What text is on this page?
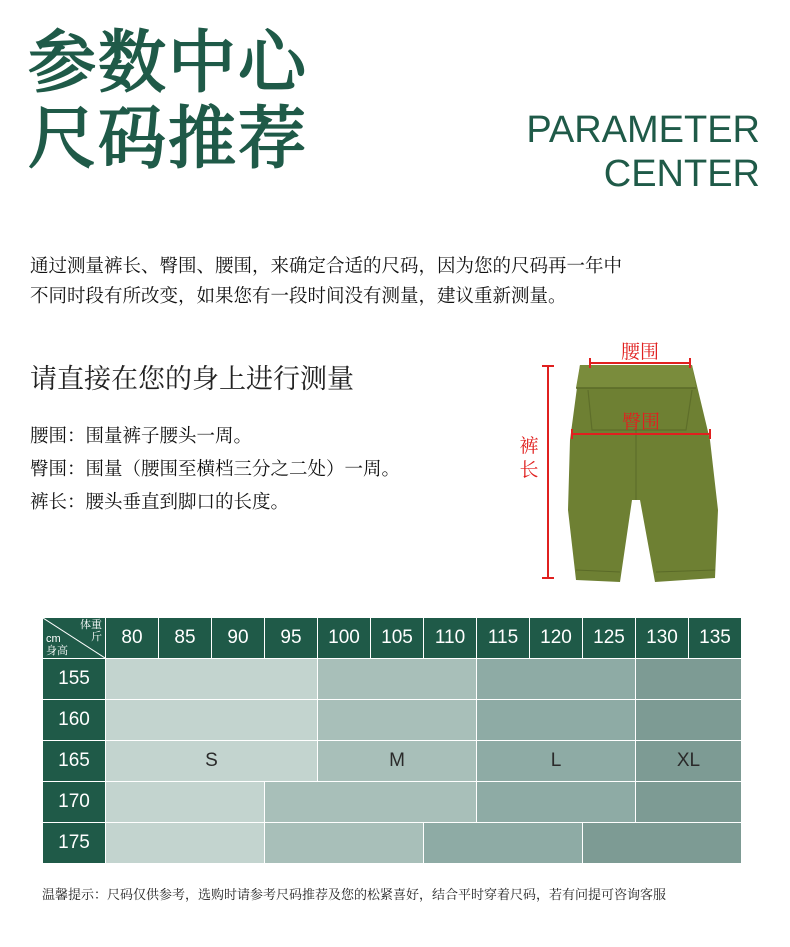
参数中心
尺码推荐	PARAMETER
CENTER
通过测量裤长、臀围、腰围，来确定合适的尺码，因为您的尺码再一年中
不同时段有所改变，如果您有一段时间没有测量，建议重新测量。
请直接在您的身上进行测量
腰围：围量裤子腰头一周。
臀围：围量（腰围至横档三分之二处）一周。
裤长：腰头垂直到脚口的长度。
腰围
臀围
裤
长
体重
斤
cm
身高	80	85	90	95	100	105	110	115	120	125	130	135
155												
160												
165	S				M			L			XL	
170												
175												
温馨提示：尺码仅供参考，选购时请参考尺码推荐及您的松紧喜好，结合平时穿着尺码，若有问提可咨询客服
